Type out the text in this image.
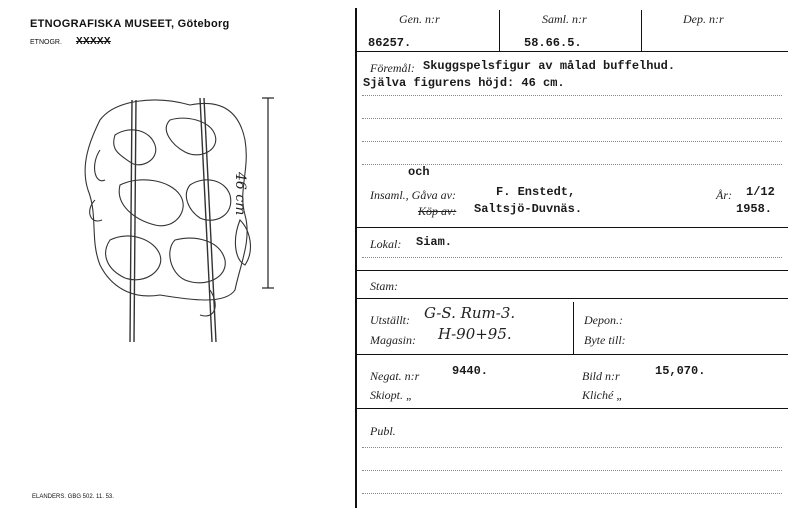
ETNOGRAFISKA MUSEET, Göteborg
ETNOGR. XXXXX
46 cm
ELANDERS. GBG 502. 11. 53.
Gen. n:r	Saml. n:r	Dep. n:r
86257.	58.66.5.
Föremål: Skuggspelsfigur av målad buffelhud.
Själva figurens höjd: 46 cm.
och
Insaml., Gåva av:	F. Enstedt,	År: 1/12
Köp av: Saltsjö-Duvnäs.	1958.
Lokal: Siam.
Stam:
Utställt: G-S. Rum-3.	Depon.:
Magasin: H-90+95.	Byte till:
Negat. n:r	9440.	Bild n:r	15,070.
Skiopt. „	Kliché „
Publ.
